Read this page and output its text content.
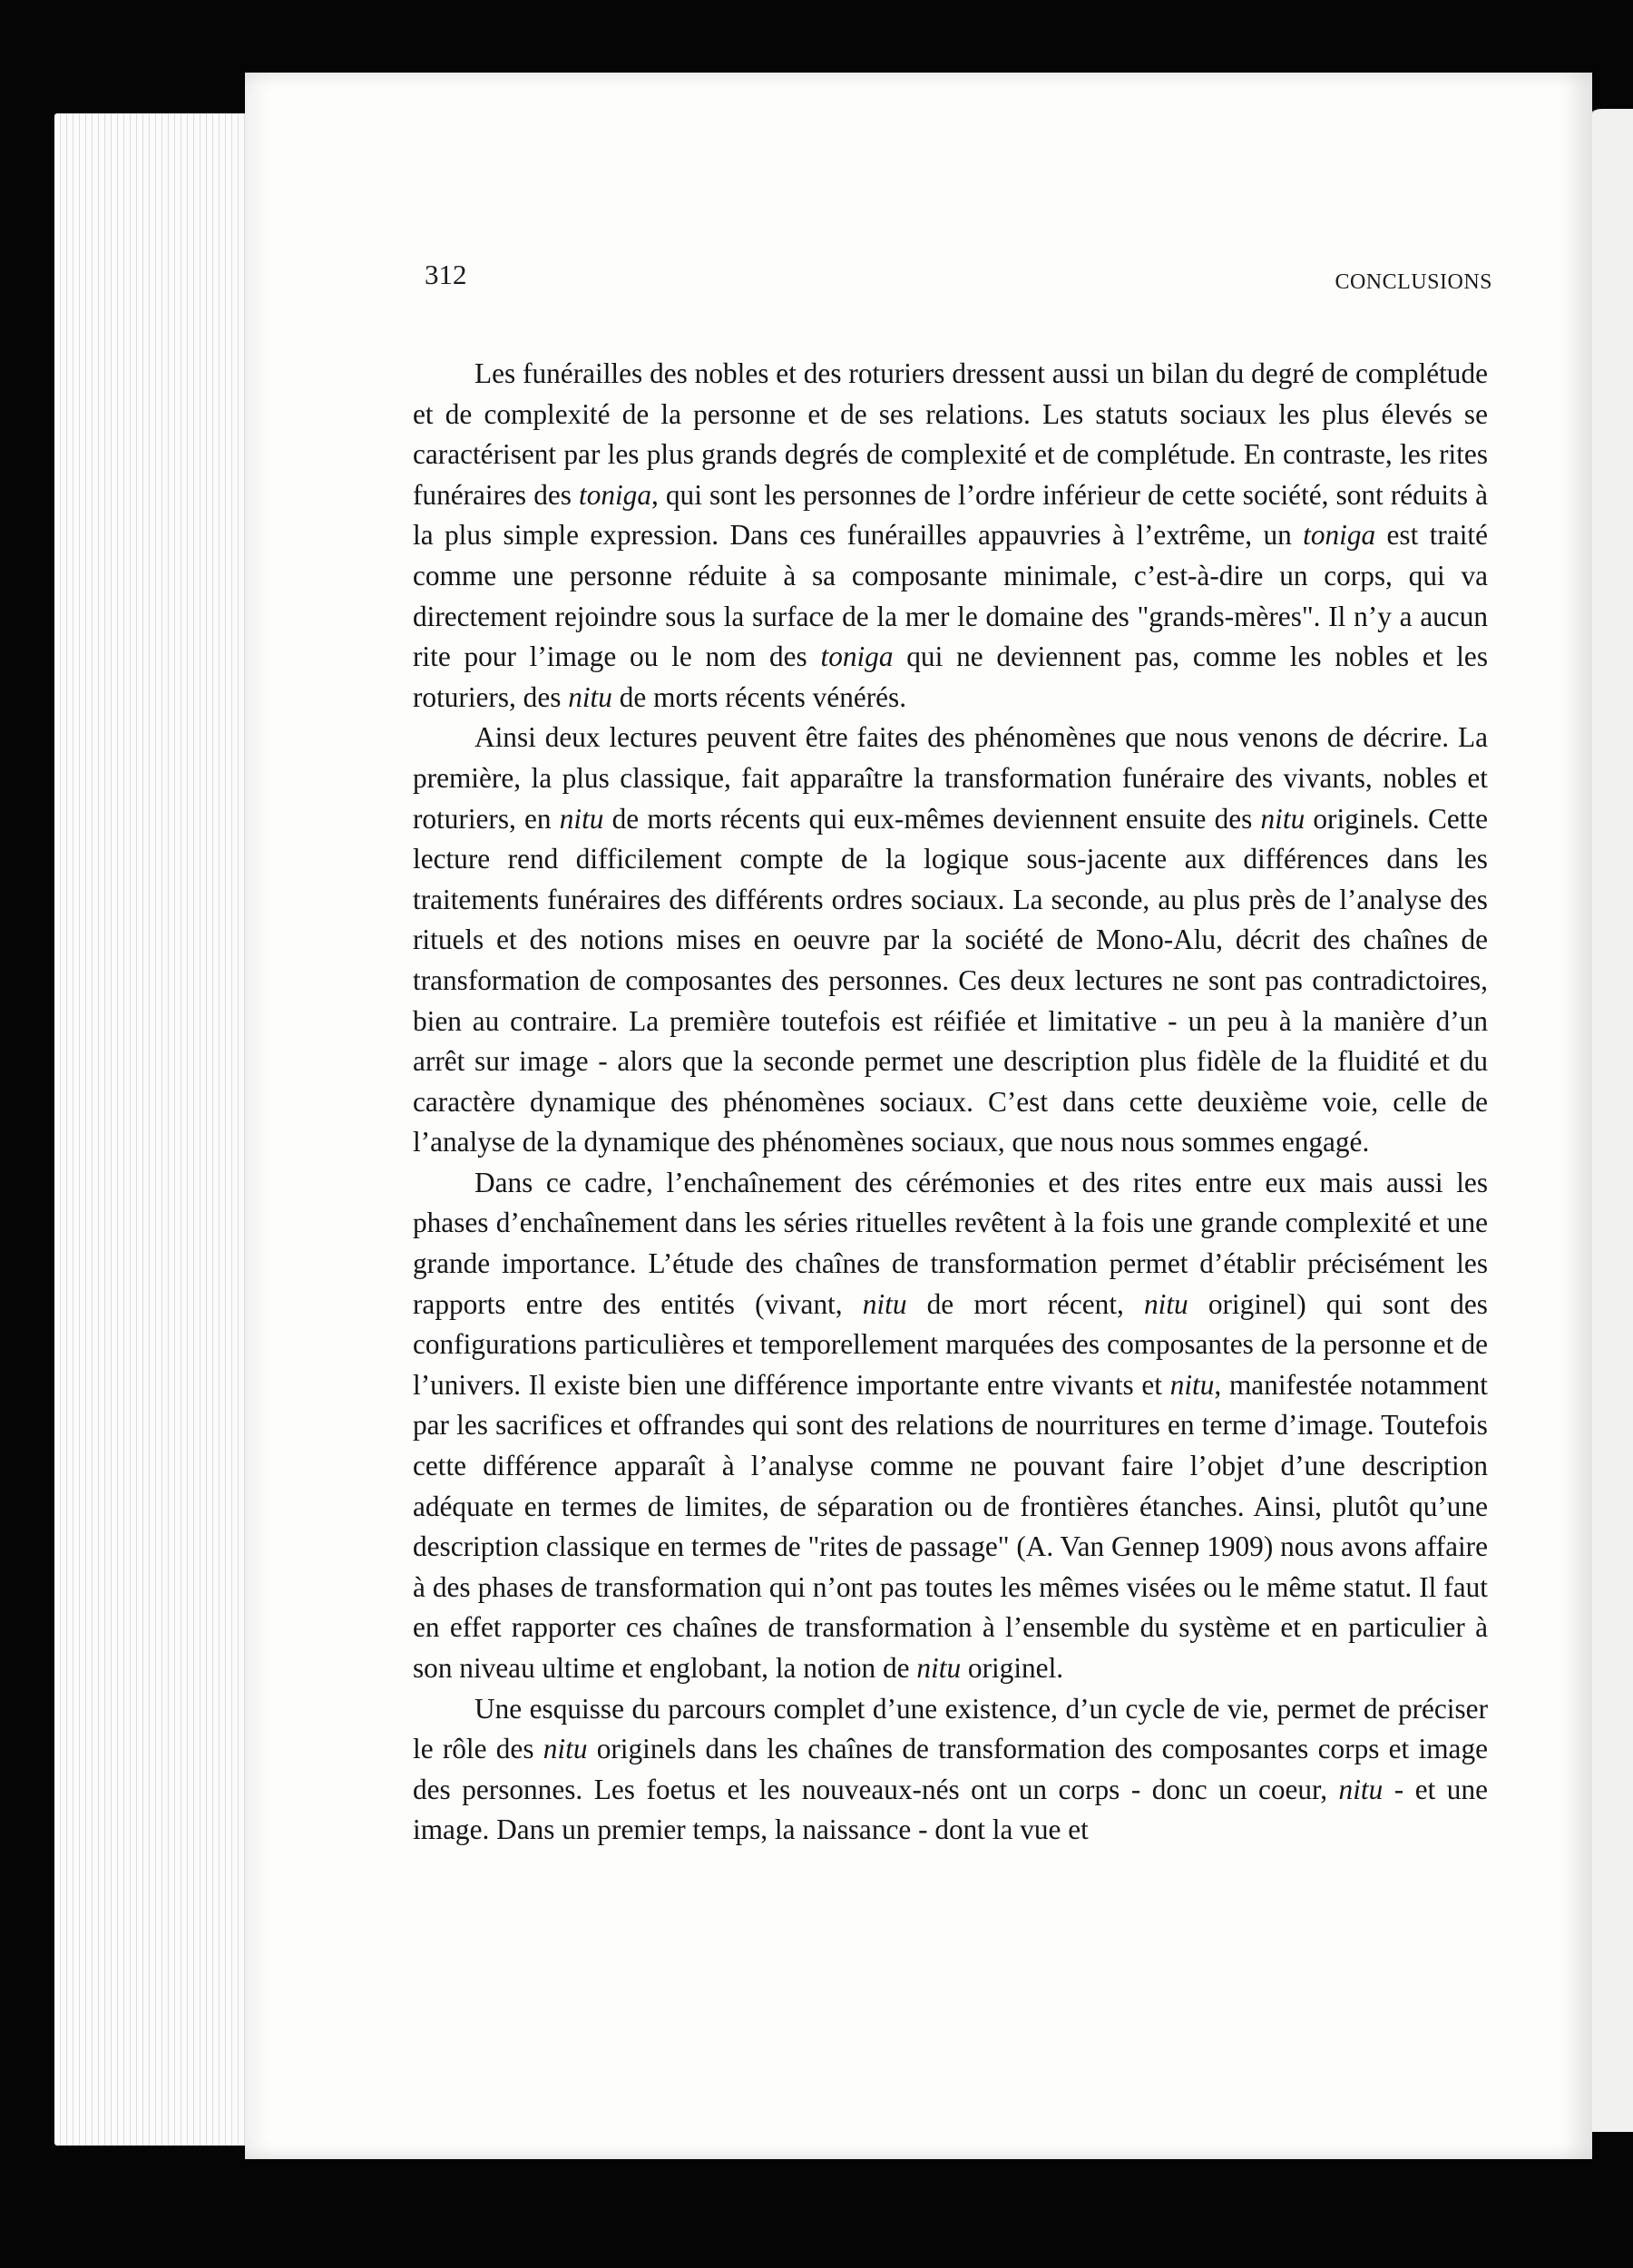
312	CONCLUSIONS

Les funérailles des nobles et des roturiers dressent aussi un bilan du degré de complétude et de complexité de la personne et de ses relations. Les statuts sociaux les plus élevés se caractérisent par les plus grands degrés de complexité et de complétude. En contraste, les rites funéraires des toniga, qui sont les personnes de l’ordre inférieur de cette société, sont réduits à la plus simple expression. Dans ces funérailles appauvries à l’extrême, un toniga est traité comme une personne réduite à sa composante minimale, c’est-à-dire un corps, qui va directement rejoindre sous la surface de la mer le domaine des "grands-mères". Il n’y a aucun rite pour l’image ou le nom des toniga qui ne deviennent pas, comme les nobles et les roturiers, des nitu de morts récents vénérés.

Ainsi deux lectures peuvent être faites des phénomènes que nous venons de décrire. La première, la plus classique, fait apparaître la transformation funéraire des vivants, nobles et roturiers, en nitu de morts récents qui eux-mêmes deviennent ensuite des nitu originels. Cette lecture rend difficilement compte de la logique sous-jacente aux différences dans les traitements funéraires des différents ordres sociaux. La seconde, au plus près de l’analyse des rituels et des notions mises en oeuvre par la société de Mono-Alu, décrit des chaînes de transformation de composantes des personnes. Ces deux lectures ne sont pas contradictoires, bien au contraire. La première toutefois est réifiée et limitative - un peu à la manière d’un arrêt sur image - alors que la seconde permet une description plus fidèle de la fluidité et du caractère dynamique des phénomènes sociaux. C’est dans cette deuxième voie, celle de l’analyse de la dynamique des phénomènes sociaux, que nous nous sommes engagé.

Dans ce cadre, l’enchaînement des cérémonies et des rites entre eux mais aussi les phases d’enchaînement dans les séries rituelles revêtent à la fois une grande complexité et une grande importance. L’étude des chaînes de transformation permet d’établir précisément les rapports entre des entités (vivant, nitu de mort récent, nitu originel) qui sont des configurations particulières et temporellement marquées des composantes de la personne et de l’univers. Il existe bien une différence importante entre vivants et nitu, manifestée notamment par les sacrifices et offrandes qui sont des relations de nourritures en terme d’image. Toutefois cette différence apparaît à l’analyse comme ne pouvant faire l’objet d’une description adéquate en termes de limites, de séparation ou de frontières étanches. Ainsi, plutôt qu’une description classique en termes de "rites de passage" (A. Van Gennep 1909) nous avons affaire à des phases de transformation qui n’ont pas toutes les mêmes visées ou le même statut. Il faut en effet rapporter ces chaînes de transformation à l’ensemble du système et en particulier à son niveau ultime et englobant, la notion de nitu originel.

Une esquisse du parcours complet d’une existence, d’un cycle de vie, permet de préciser le rôle des nitu originels dans les chaînes de transformation des composantes corps et image des personnes. Les foetus et les nouveaux-nés ont un corps - donc un coeur, nitu - et une image. Dans un premier temps, la naissance - dont la vue et
